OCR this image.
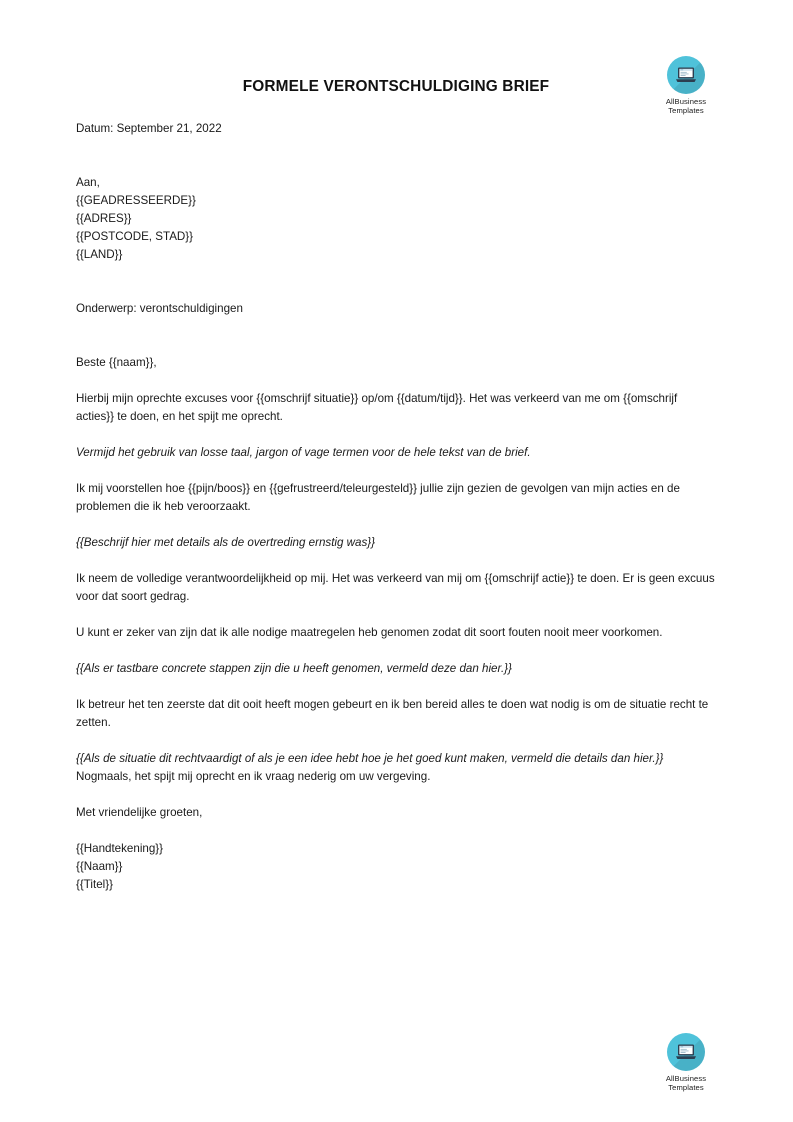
AllBusiness
Templates
FORMELE VERONTSCHULDIGING BRIEF
Datum: September 21, 2022
Aan,
{{GEADRESSEERDE}}
{{ADRES}}
{{POSTCODE, STAD}}
{{LAND}}
Onderwerp: verontschuldigingen
Beste {{naam}},

Hierbij mijn oprechte excuses voor {{omschrijf situatie}} op/om {{datum/tijd}}. Het was verkeerd van me om {{omschrijf acties}} te doen, en het spijt me oprecht.

Vermijd het gebruik van losse taal, jargon of vage termen voor de hele tekst van de brief.

Ik mij voorstellen hoe {{pijn/boos}} en {{gefrustreerd/teleurgesteld}} jullie zijn gezien de gevolgen van mijn acties en de problemen die ik heb veroorzaakt.

{{Beschrijf hier met details als de overtreding ernstig was}}

Ik neem de volledige verantwoordelijkheid op mij. Het was verkeerd van mij om {{omschrijf actie}} te doen. Er is geen excuus voor dat soort gedrag.

U kunt er zeker van zijn dat ik alle nodige maatregelen heb genomen zodat dit soort fouten nooit meer voorkomen.

{{Als er tastbare concrete stappen zijn die u heeft genomen, vermeld deze dan hier.}}

Ik betreur het ten zeerste dat dit ooit heeft mogen gebeurt en ik ben bereid alles te doen wat nodig is om de situatie recht te zetten.

{{Als de situatie dit rechtvaardigt of als je een idee hebt hoe je het goed kunt maken, vermeld die details dan hier.}}

Nogmaals, het spijt mij oprecht en ik vraag nederig om uw vergeving.

Met vriendelijke groeten,
{{Handtekening}}
{{Naam}}
{{Titel}}
AllBusiness
Templates
